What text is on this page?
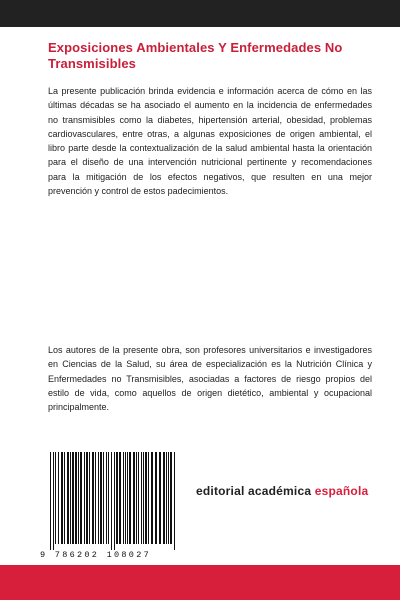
Exposiciones Ambientales Y Enfermedades No Transmisibles

La presente publicación brinda evidencia e información acerca de cómo en las últimas décadas se ha asociado el aumento en la incidencia de enfermedades no transmisibles como la diabetes, hipertensión arterial, obesidad, problemas cardiovasculares, entre otras, a algunas exposiciones de origen ambiental, el libro parte desde la contextualización de la salud ambiental hasta la orientación para el diseño de una intervención nutricional pertinente y recomendaciones para la mitigación de los efectos negativos, que resulten en una mejor prevención y control de estos padecimientos.

Los autores de la presente obra, son profesores universitarios e investigadores en Ciencias de la Salud, su área de especialización es la Nutrición Clínica y Enfermedades no Transmisibles, asociadas a factores de riesgo propios del estilo de vida, como aquellos de origen dietético, ambiental y ocupacional principalmente.

9 786202 108027

editorial académica española
